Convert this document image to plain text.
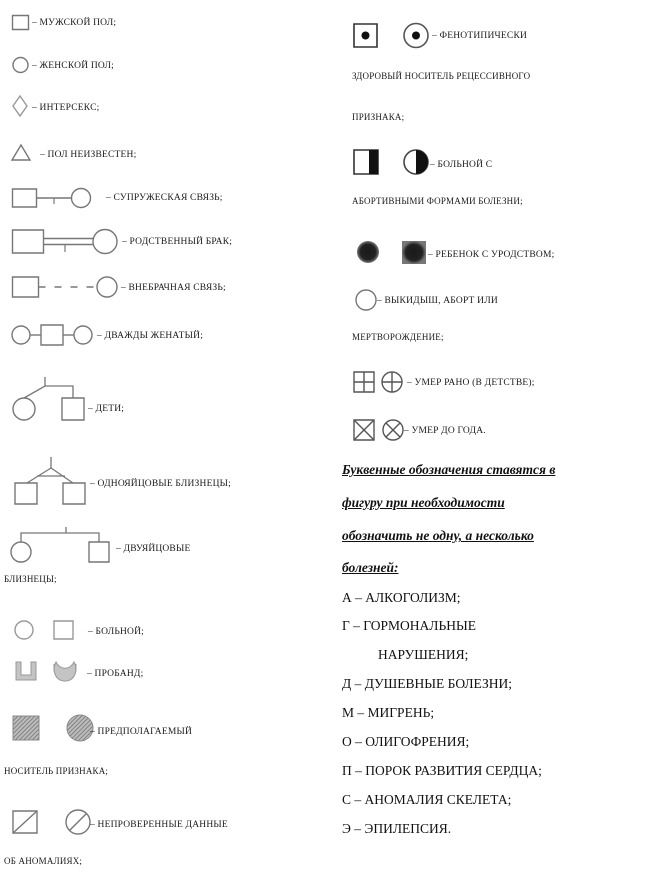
– МУЖСКОЙ ПОЛ;
– ЖЕНСКОЙ ПОЛ;
– ИНТЕРСЕКС;
– ПОЛ НЕИЗВЕСТЕН;
– СУПРУЖЕСКАЯ СВЯЗЬ;
– РОДСТВЕННЫЙ БРАК;
– ВНЕБРАЧНАЯ СВЯЗЬ;
– ДВАЖДЫ ЖЕНАТЫЙ;
– ДЕТИ;
– ОДНОЯЙЦОВЫЕ БЛИЗНЕЦЫ;
– ДВУЯЙЦОВЫЕ
БЛИЗНЕЦЫ;
– БОЛЬНОЙ;
– ПРОБАНД;
– ПРЕДПОЛАГАЕМЫЙ
НОСИТЕЛЬ ПРИЗНАКА;
– НЕПРОВЕРЕННЫЕ ДАННЫЕ
ОБ АНОМАЛИЯХ;
– ФЕНОТИПИЧЕСКИ
ЗДОРОВЫЙ НОСИТЕЛЬ РЕЦЕССИВНОГО
ПРИЗНАКА;
– БОЛЬНОЙ С
АБОРТИВНЫМИ ФОРМАМИ БОЛЕЗНИ;
– РЕБЕНОК С УРОДСТВОМ;
– ВЫКИДЫШ, АБОРТ ИЛИ
МЕРТВОРОЖДЕНИЕ;
– УМЕР РАНО (В ДЕТСТВЕ);
– УМЕР ДО ГОДА.
Буквенные обозначения ставятся в
фигуру при необходимости
обозначить не одну, а несколько
болезней:
А – АЛКОГОЛИЗМ;
Г – ГОРМОНАЛЬНЫЕ
НАРУШЕНИЯ;
Д – ДУШЕВНЫЕ БОЛЕЗНИ;
М – МИГРЕНЬ;
О – ОЛИГОФРЕНИЯ;
П – ПОРОК РАЗВИТИЯ СЕРДЦА;
С – АНОМАЛИЯ СКЕЛЕТА;
Э – ЭПИЛЕПСИЯ.
